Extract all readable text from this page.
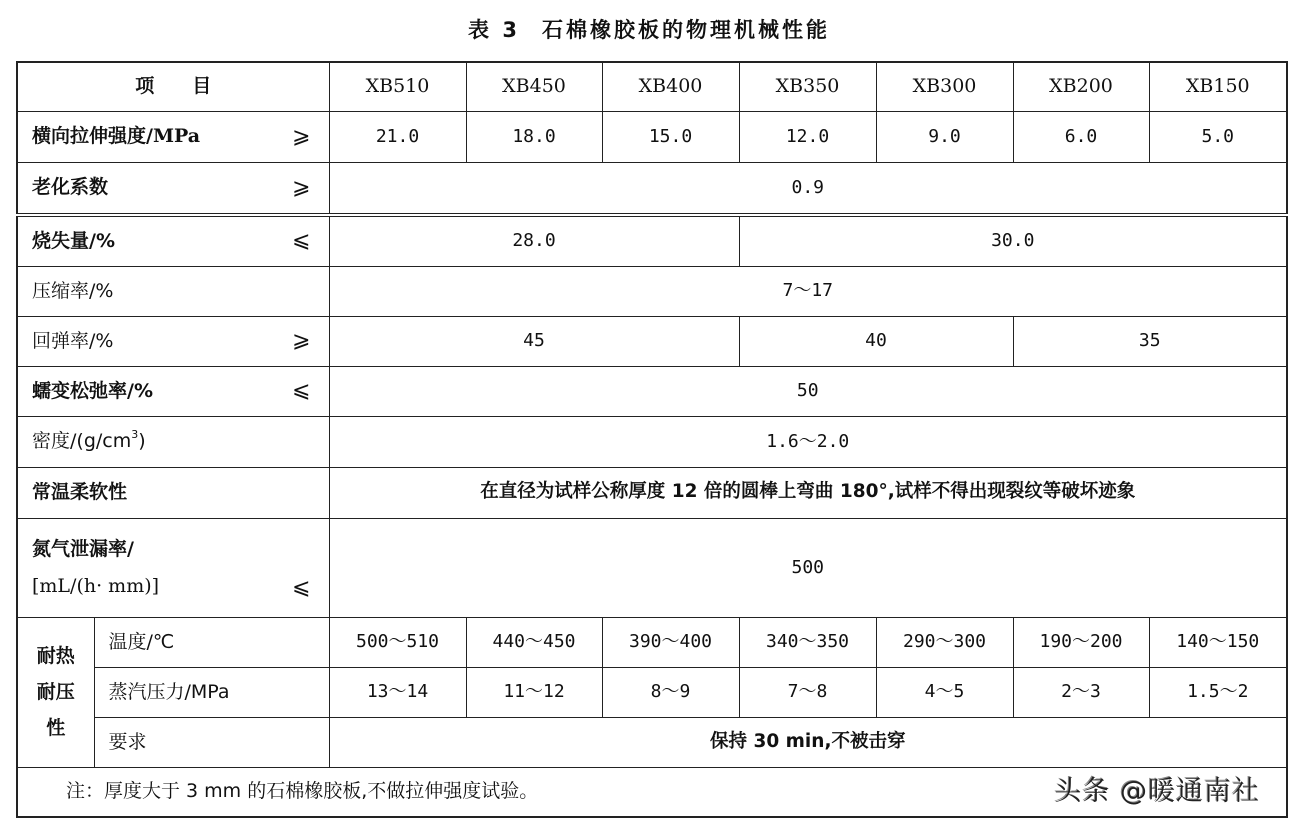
表 3 石棉橡胶板的物理机械性能
项目		XB510	XB450	XB400	XB350	XB300	XB200	XB150
横向拉伸强度/MPa ⩾		21.0	18.0	15.0	12.0	9.0	6.0	5.0
老化系数 ⩾		0.9						
烧失量/% ⩽		28.0			30.0			
压缩率/%		7～17						
回弹率/% ⩾		45			40		35	
蠕变松弛率/% ⩽		50						
密度$/(g/cm^3)$		1.6～2.0						
常温柔软性		在直径为试样公称厚度 12 倍的圆棒上弯曲 180°,试样不得出现裂纹等破坏迹象						

氮气泄漏率/
[mL/(h· mm)] ⩽		500						

耐热
耐压
性	温度/℃	500～510	440～450	390～400	340～350	290～300	190～200	140～150
	蒸汽压力/MPa	13～14	11～12	8～9	7～8	4～5	2～3	1.5～2
	要求	保持 30 min,不被击穿						
注：厚度大于 3 mm 的石棉橡胶板,不做拉伸强度试验。 头条 @暖通南社								
